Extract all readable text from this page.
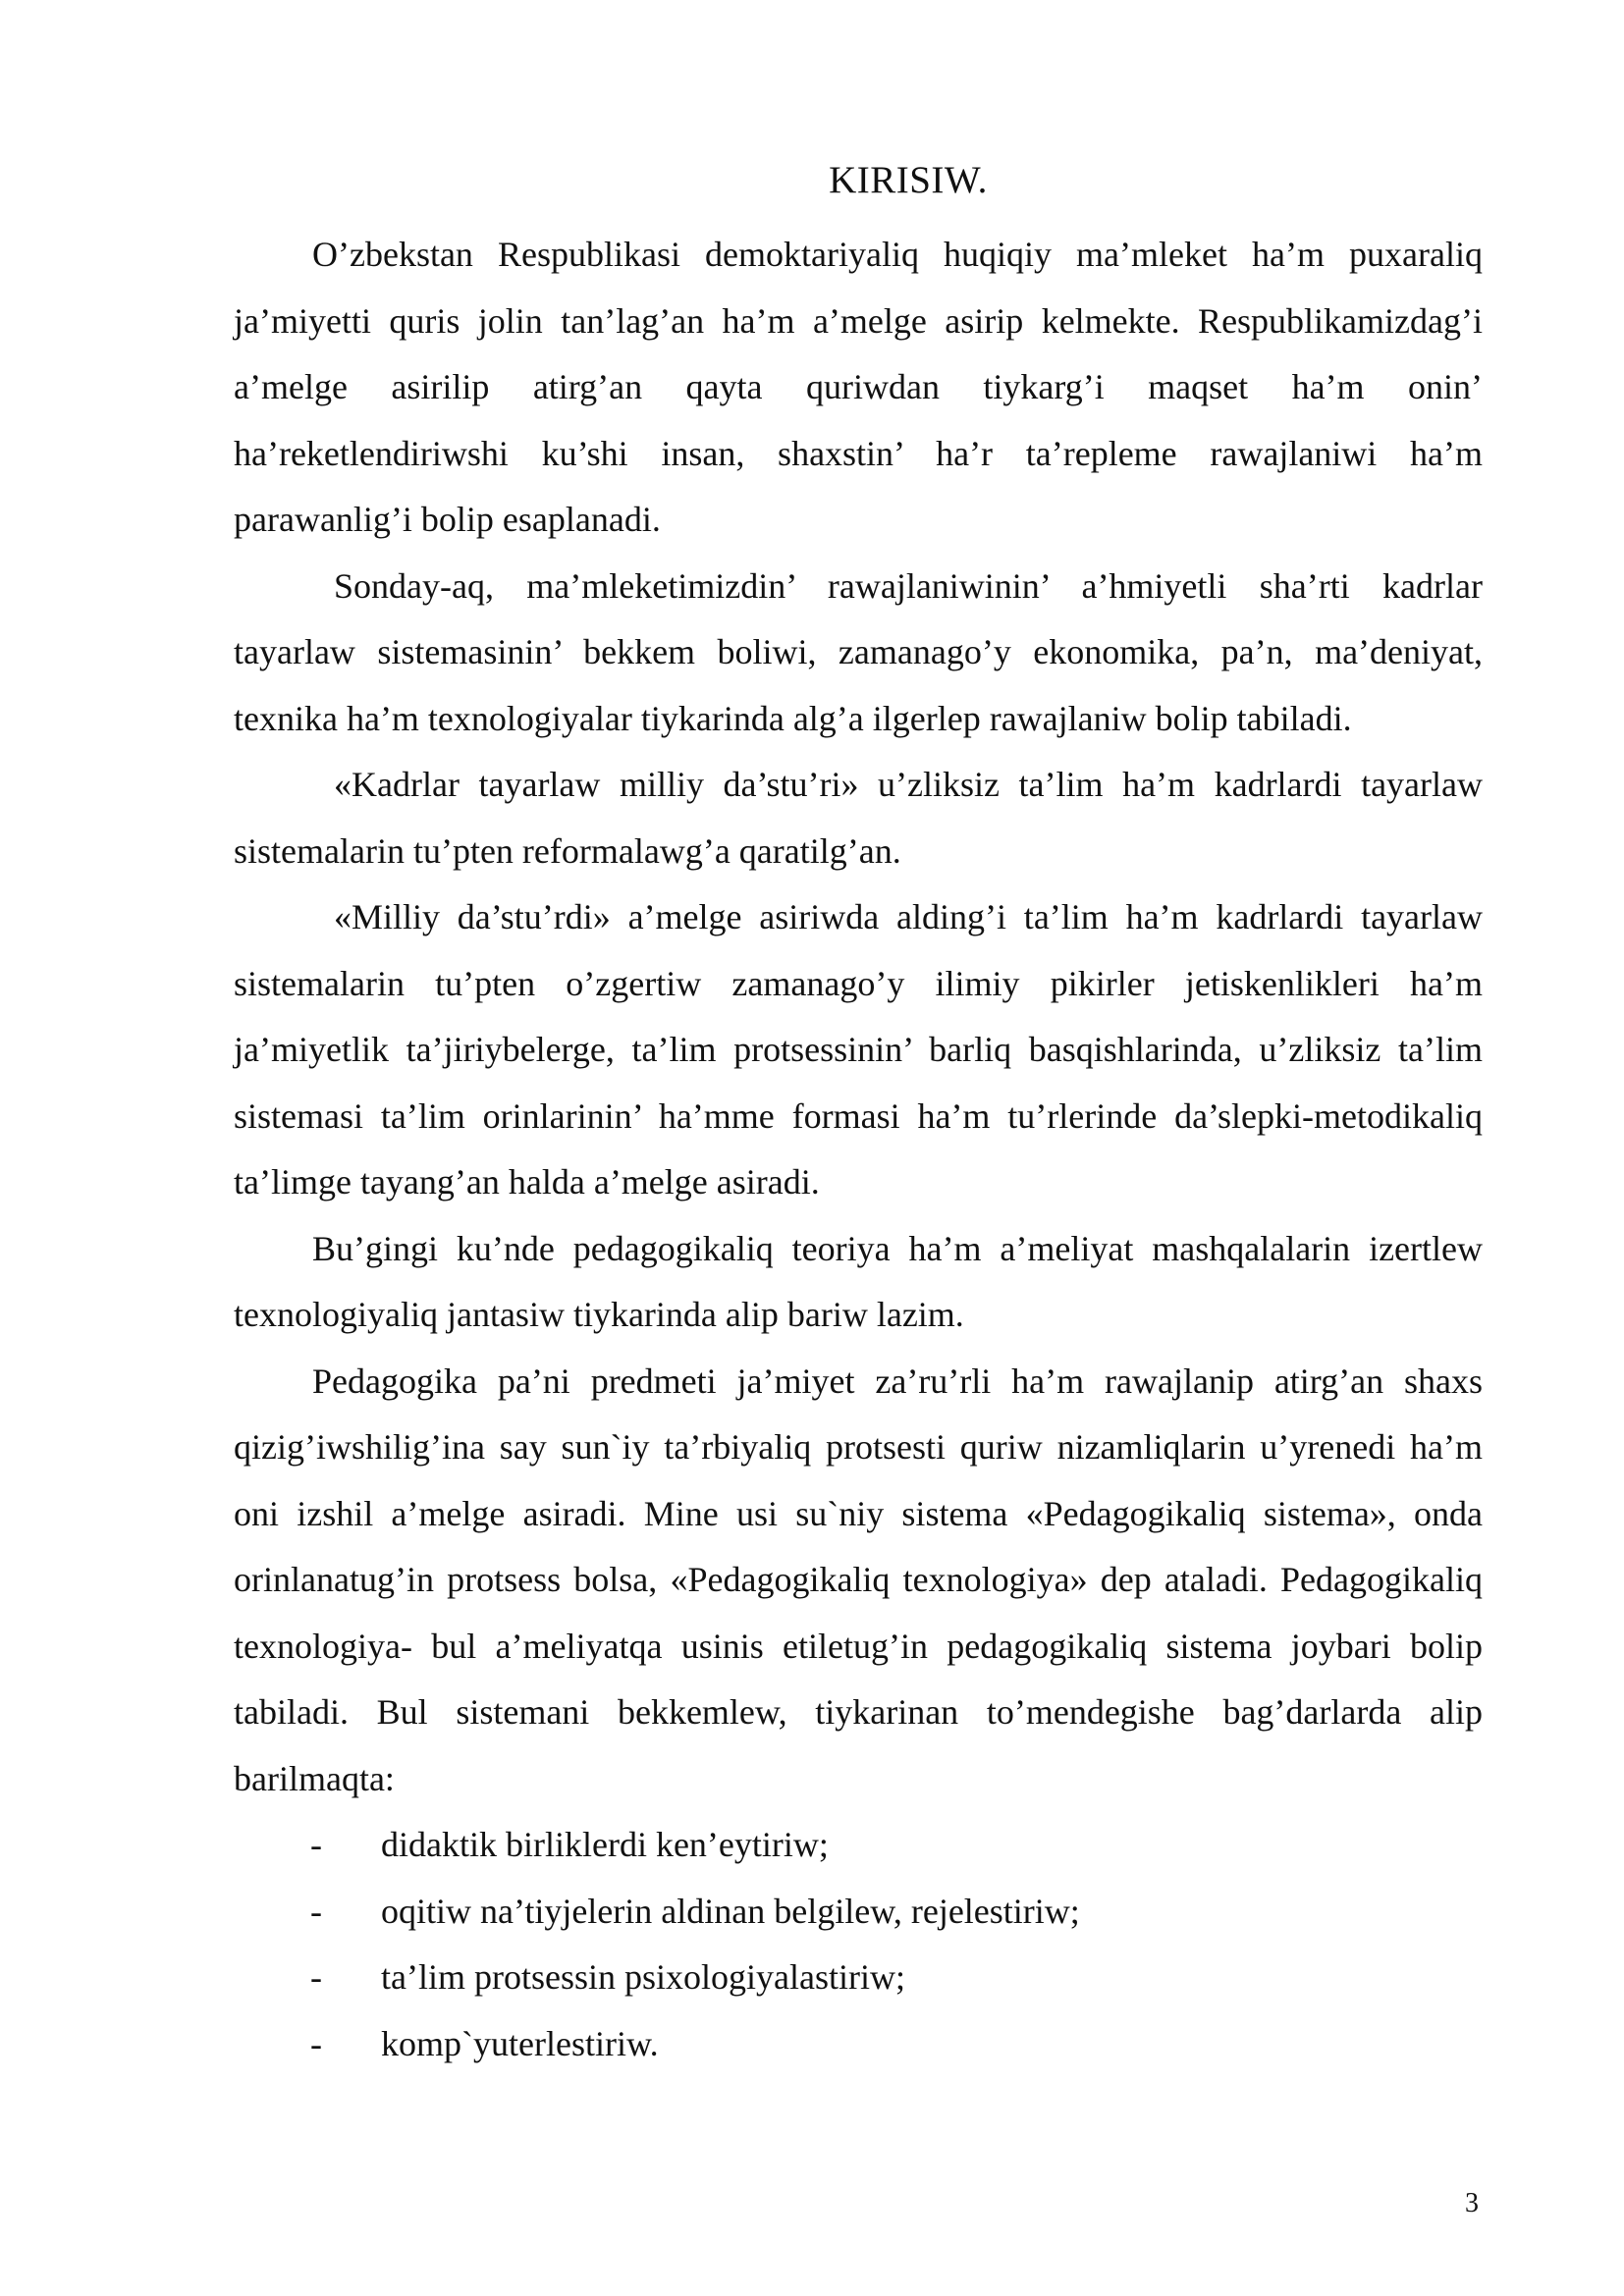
KIRISIW.

O’zbekstan Respublikasi demoktariyaliq huqiqiy ma’mleket ha’m puxaraliq ja’miyetti quris jolin tan’lag’an ha’m a’melge asirip kelmekte. Respublikamizdag’i a’melge asirilip atirg’an qayta quriwdan tiykarg’i maqset ha’m onin’ ha’reketlendiriwshi ku’shi insan, shaxstin’ ha’r ta’repleme rawajlaniwi ha’m parawanlig’i bolip esaplanadi.

Sonday-aq, ma’mleketimizdin’ rawajlaniwinin’ a’hmiyetli sha’rti kadrlar tayarlaw sistemasinin’ bekkem boliwi, zamanago’y ekonomika, pa’n, ma’deniyat, texnika ha’m texnologiyalar tiykarinda alg’a ilgerlep rawajlaniw bolip tabiladi.

«Kadrlar tayarlaw milliy da’stu’ri» u’zliksiz ta’lim ha’m kadrlardi tayarlaw sistemalarin tu’pten reformalawg’a qaratilg’an.

«Milliy da’stu’rdi» a’melge asiriwda alding’i ta’lim ha’m kadrlardi tayarlaw sistemalarin tu’pten o’zgertiw zamanago’y ilimiy pikirler jetiskenlikleri ha’m ja’miyetlik ta’jiriybelerge, ta’lim protsessinin’ barliq basqishlarinda, u’zliksiz ta’lim sistemasi ta’lim orinlarinin’ ha’mme formasi ha’m tu’rlerinde da’slepki-metodikaliq ta’limge tayang’an halda a’melge asiradi.

Bu’gingi ku’nde pedagogikaliq teoriya ha’m a’meliyat mashqalalarin izertlew texnologiyaliq jantasiw tiykarinda alip bariw lazim.

Pedagogika pa’ni predmeti ja’miyet za’ru’rli ha’m rawajlanip atirg’an shaxs qizig’iwshilig’ina say sun`iy ta’rbiyaliq protsesti quriw nizamliqlarin u’yrenedi ha’m oni izshil a’melge asiradi. Mine usi su`niy sistema «Pedagogikaliq sistema», onda orinlanatug’in protsess bolsa, «Pedagogikaliq texnologiya» dep ataladi. Pedagogikaliq texnologiya- bul a’meliyatqa usinis etiletug’in pedagogikaliq sistema joybari bolip tabiladi. Bul sistemani bekkemlew, tiykarinan to’mendegishe bag’darlarda alip barilmaqta:

-	didaktik birliklerdi ken’eytiriw;
-	oqitiw na’tiyjelerin aldinan belgilew, rejelestiriw;
-	ta’lim protsessin psixologiyalastiriw;
-	komp`yuterlestiriw.
3
